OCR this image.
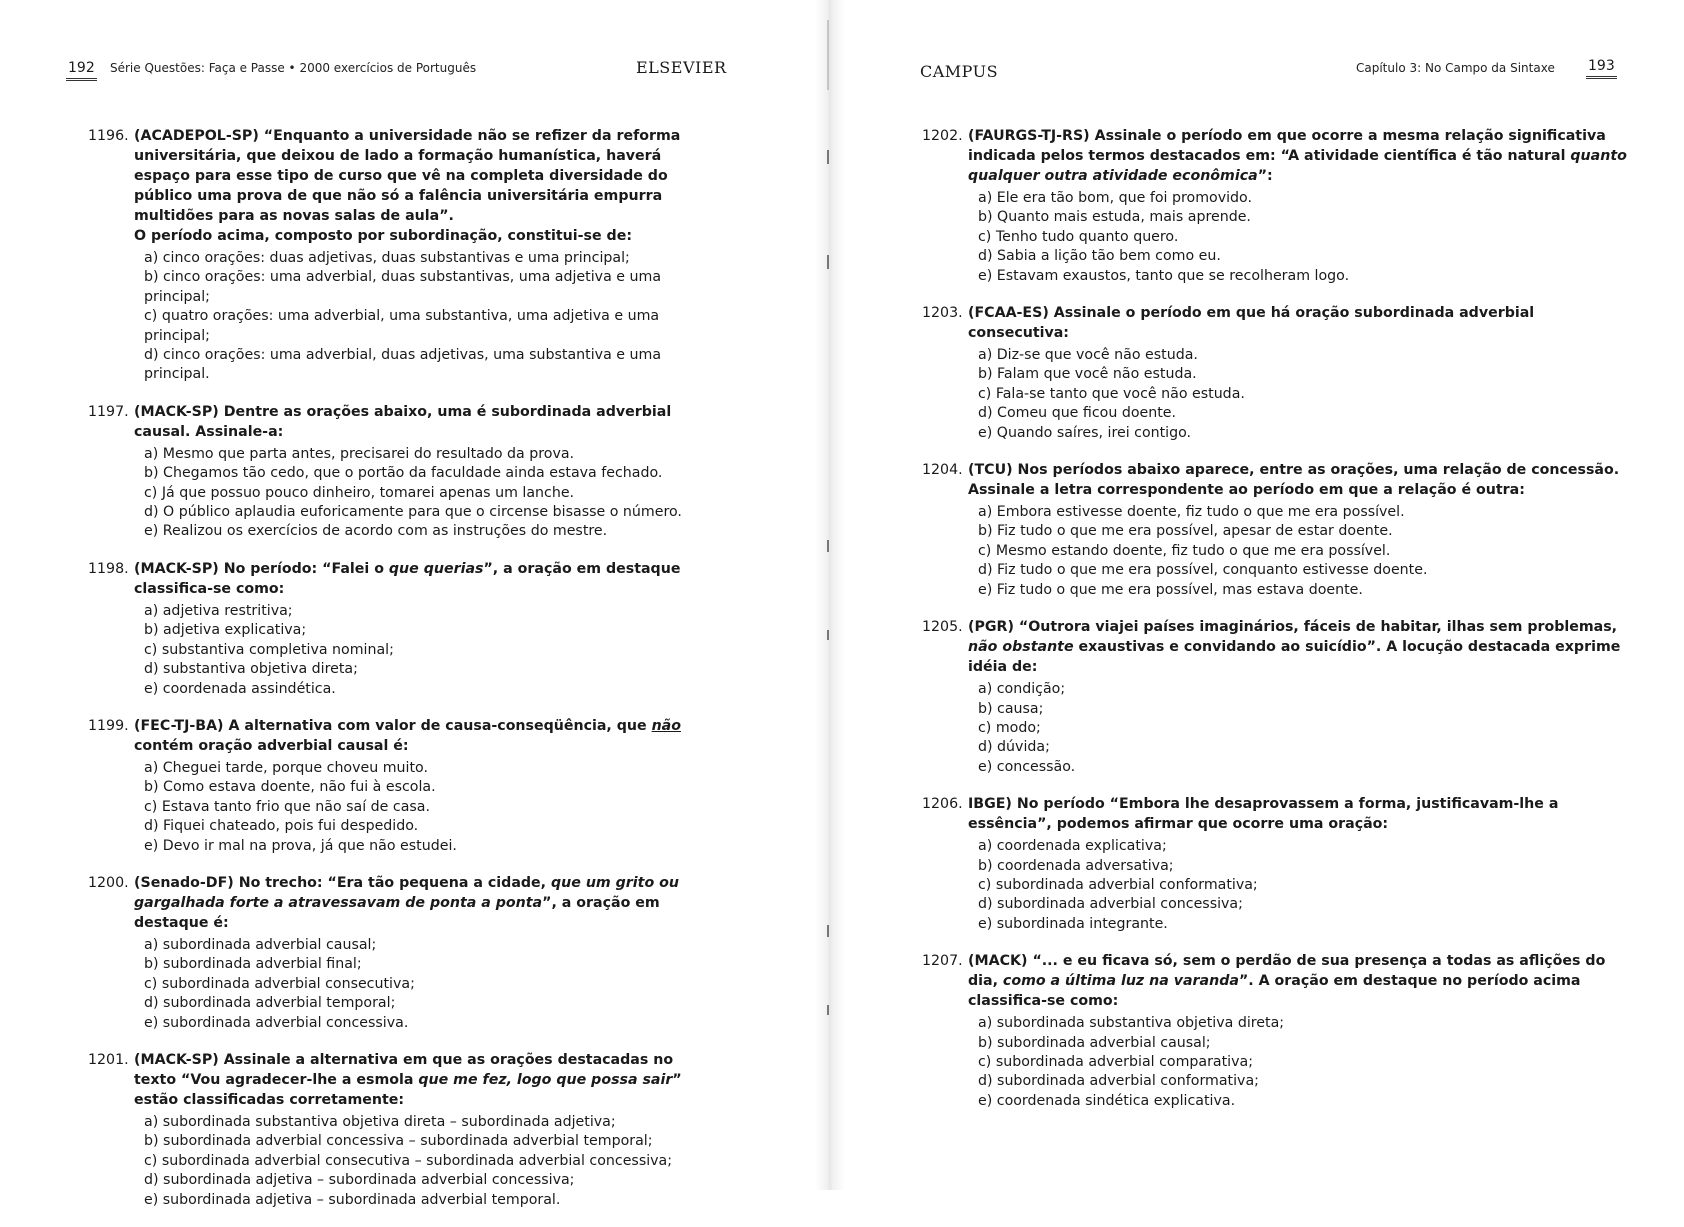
192 Série Questões: Faça e Passe • 2000 exercícios de Português	ELSEVIER
1196. (ACADEPOL-SP) “Enquanto a universidade não se refizer da reforma universitária, que deixou de lado a formação humanística, haverá espaço para esse tipo de curso que vê na completa diversidade do público uma prova de que não só a falência universitária empurra multidões para as novas salas de aula”.

O período acima, composto por subordinação, constitui-se de:

a) cinco orações: duas adjetivas, duas substantivas e uma principal;
b) cinco orações: uma adverbial, duas substantivas, uma adjetiva e uma principal;
c) quatro orações: uma adverbial, uma substantiva, uma adjetiva e uma principal;
d) cinco orações: uma adverbial, duas adjetivas, uma substantiva e uma principal.
1197. (MACK-SP) Dentre as orações abaixo, uma é subordinada adverbial causal. Assinale-a:

a) Mesmo que parta antes, precisarei do resultado da prova.
b) Chegamos tão cedo, que o portão da faculdade ainda estava fechado.
c) Já que possuo pouco dinheiro, tomarei apenas um lanche.
d) O público aplaudia euforicamente para que o circense bisasse o número.
e) Realizou os exercícios de acordo com as instruções do mestre.
1198. (MACK-SP) No período: “Falei o que querias”, a oração em destaque classifica-se como:

a) adjetiva restritiva;
b) adjetiva explicativa;
c) substantiva completiva nominal;
d) substantiva objetiva direta;
e) coordenada assindética.
1199. (FEC-TJ-BA) A alternativa com valor de causa-conseqüência, que não contém oração adverbial causal é:

a) Cheguei tarde, porque choveu muito.
b) Como estava doente, não fui à escola.
c) Estava tanto frio que não saí de casa.
d) Fiquei chateado, pois fui despedido.
e) Devo ir mal na prova, já que não estudei.
1200. (Senado-DF) No trecho: “Era tão pequena a cidade, que um grito ou gargalhada forte a atravessavam de ponta a ponta”, a oração em destaque é:

a) subordinada adverbial causal;
b) subordinada adverbial final;
c) subordinada adverbial consecutiva;
d) subordinada adverbial temporal;
e) subordinada adverbial concessiva.
1201. (MACK-SP) Assinale a alternativa em que as orações destacadas no texto “Vou agradecer-lhe a esmola que me fez, logo que possa sair” estão classificadas corretamente:

a) subordinada substantiva objetiva direta – subordinada adjetiva;
b) subordinada adverbial concessiva – subordinada adverbial temporal;
c) subordinada adverbial consecutiva – subordinada adverbial concessiva;
d) subordinada adjetiva – subordinada adverbial concessiva;
e) subordinada adjetiva – subordinada adverbial temporal.
CAMPUS	Capítulo 3: No Campo da Sintaxe 193
1202. (FAURGS-TJ-RS) Assinale o período em que ocorre a mesma relação significativa indicada pelos termos destacados em: “A atividade científica é tão natural quanto qualquer outra atividade econômica”:

a) Ele era tão bom, que foi promovido.
b) Quanto mais estuda, mais aprende.
c) Tenho tudo quanto quero.
d) Sabia a lição tão bem como eu.
e) Estavam exaustos, tanto que se recolheram logo.
1203. (FCAA-ES) Assinale o período em que há oração subordinada adverbial consecutiva:

a) Diz-se que você não estuda.
b) Falam que você não estuda.
c) Fala-se tanto que você não estuda.
d) Comeu que ficou doente.
e) Quando saíres, irei contigo.
1204. (TCU) Nos períodos abaixo aparece, entre as orações, uma relação de concessão. Assinale a letra correspondente ao período em que a relação é outra:

a) Embora estivesse doente, fiz tudo o que me era possível.
b) Fiz tudo o que me era possível, apesar de estar doente.
c) Mesmo estando doente, fiz tudo o que me era possível.
d) Fiz tudo o que me era possível, conquanto estivesse doente.
e) Fiz tudo o que me era possível, mas estava doente.
1205. (PGR) “Outrora viajei países imaginários, fáceis de habitar, ilhas sem problemas, não obstante exaustivas e convidando ao suicídio”. A locução destacada exprime idéia de:

a) condição;
b) causa;
c) modo;
d) dúvida;
e) concessão.
1206. IBGE) No período “Embora lhe desaprovassem a forma, justificavam-lhe a essência”, podemos afirmar que ocorre uma oração:

a) coordenada explicativa;
b) coordenada adversativa;
c) subordinada adverbial conformativa;
d) subordinada adverbial concessiva;
e) subordinada integrante.
1207. (MACK) “... e eu ficava só, sem o perdão de sua presença a todas as aflições do dia, como a última luz na varanda”. A oração em destaque no período acima classifica-se como:

a) subordinada substantiva objetiva direta;
b) subordinada adverbial causal;
c) subordinada adverbial comparativa;
d) subordinada adverbial conformativa;
e) coordenada sindética explicativa.
